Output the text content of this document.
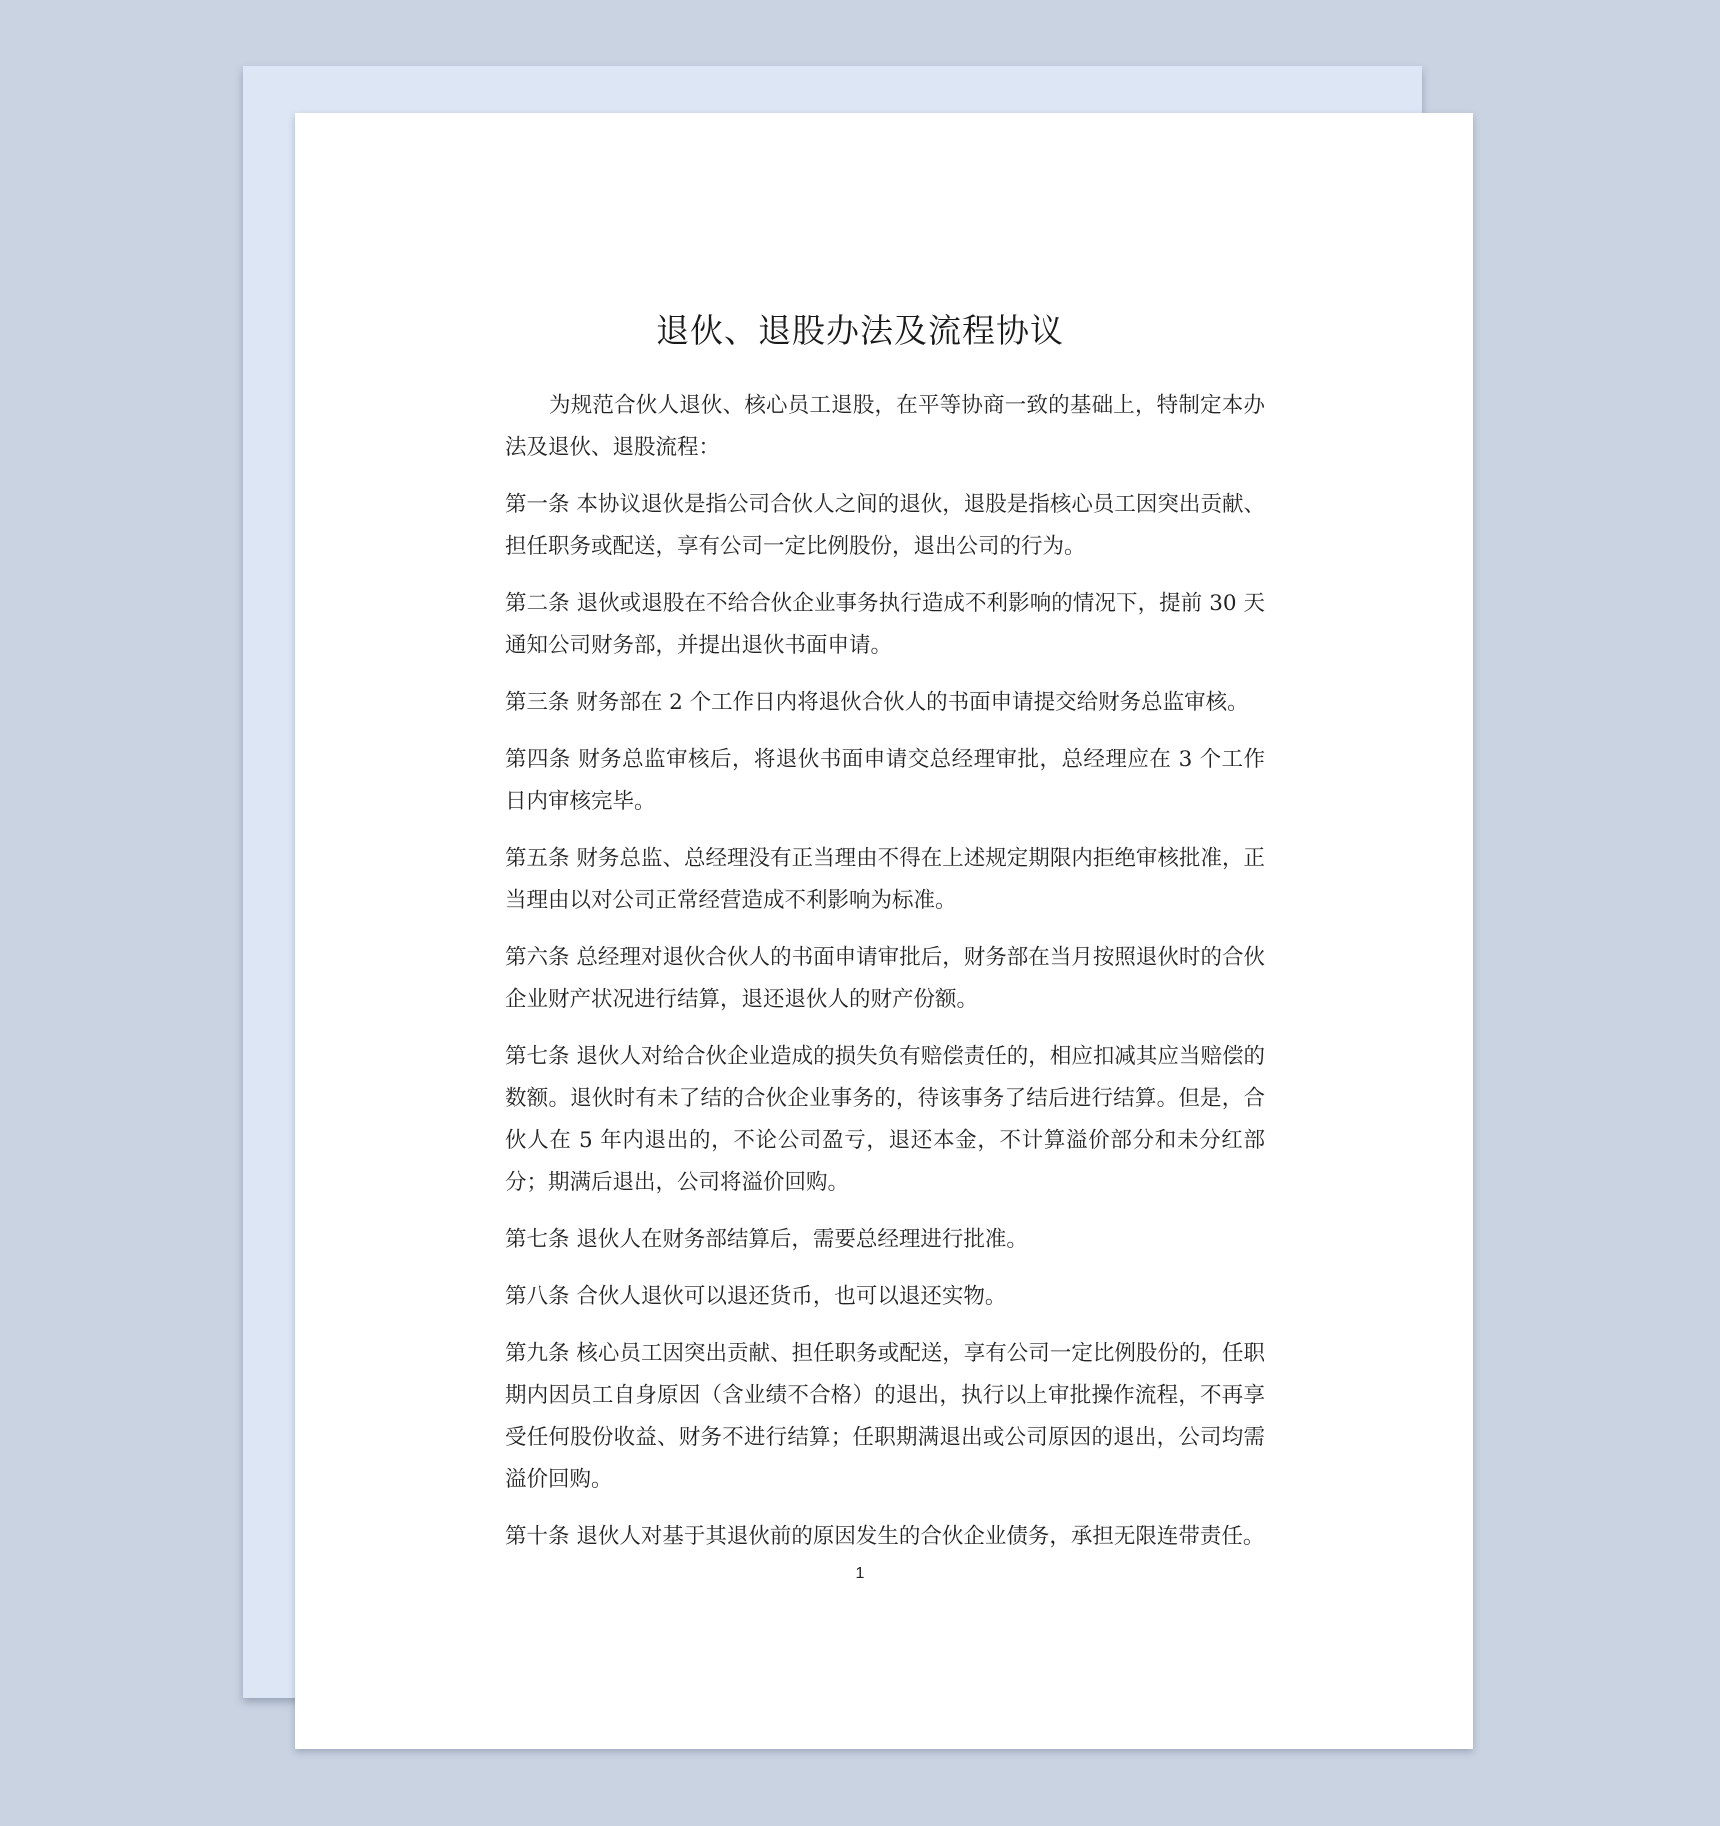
退伙、退股办法及流程协议

为规范合伙人退伙、核心员工退股，在平等协商一致的基础上，特制定本办法及退伙、退股流程：

第一条 本协议退伙是指公司合伙人之间的退伙，退股是指核心员工因突出贡献、担任职务或配送，享有公司一定比例股份，退出公司的行为。

第二条 退伙或退股在不给合伙企业事务执行造成不利影响的情况下，提前 30 天通知公司财务部，并提出退伙书面申请。

第三条 财务部在 2 个工作日内将退伙合伙人的书面申请提交给财务总监审核。

第四条 财务总监审核后，将退伙书面申请交总经理审批，总经理应在 3 个工作日内审核完毕。

第五条 财务总监、总经理没有正当理由不得在上述规定期限内拒绝审核批准，正当理由以对公司正常经营造成不利影响为标准。

第六条 总经理对退伙合伙人的书面申请审批后，财务部在当月按照退伙时的合伙企业财产状况进行结算，退还退伙人的财产份额。

第七条 退伙人对给合伙企业造成的损失负有赔偿责任的，相应扣减其应当赔偿的数额。退伙时有未了结的合伙企业事务的，待该事务了结后进行结算。但是，合伙人在 5 年内退出的，不论公司盈亏，退还本金，不计算溢价部分和未分红部分；期满后退出，公司将溢价回购。

第七条 退伙人在财务部结算后，需要总经理进行批准。

第八条 合伙人退伙可以退还货币，也可以退还实物。

第九条 核心员工因突出贡献、担任职务或配送，享有公司一定比例股份的，任职期内因员工自身原因（含业绩不合格）的退出，执行以上审批操作流程，不再享受任何股份收益、财务不进行结算；任职期满退出或公司原因的退出，公司均需溢价回购。

第十条 退伙人对基于其退伙前的原因发生的合伙企业债务，承担无限连带责任。

1
